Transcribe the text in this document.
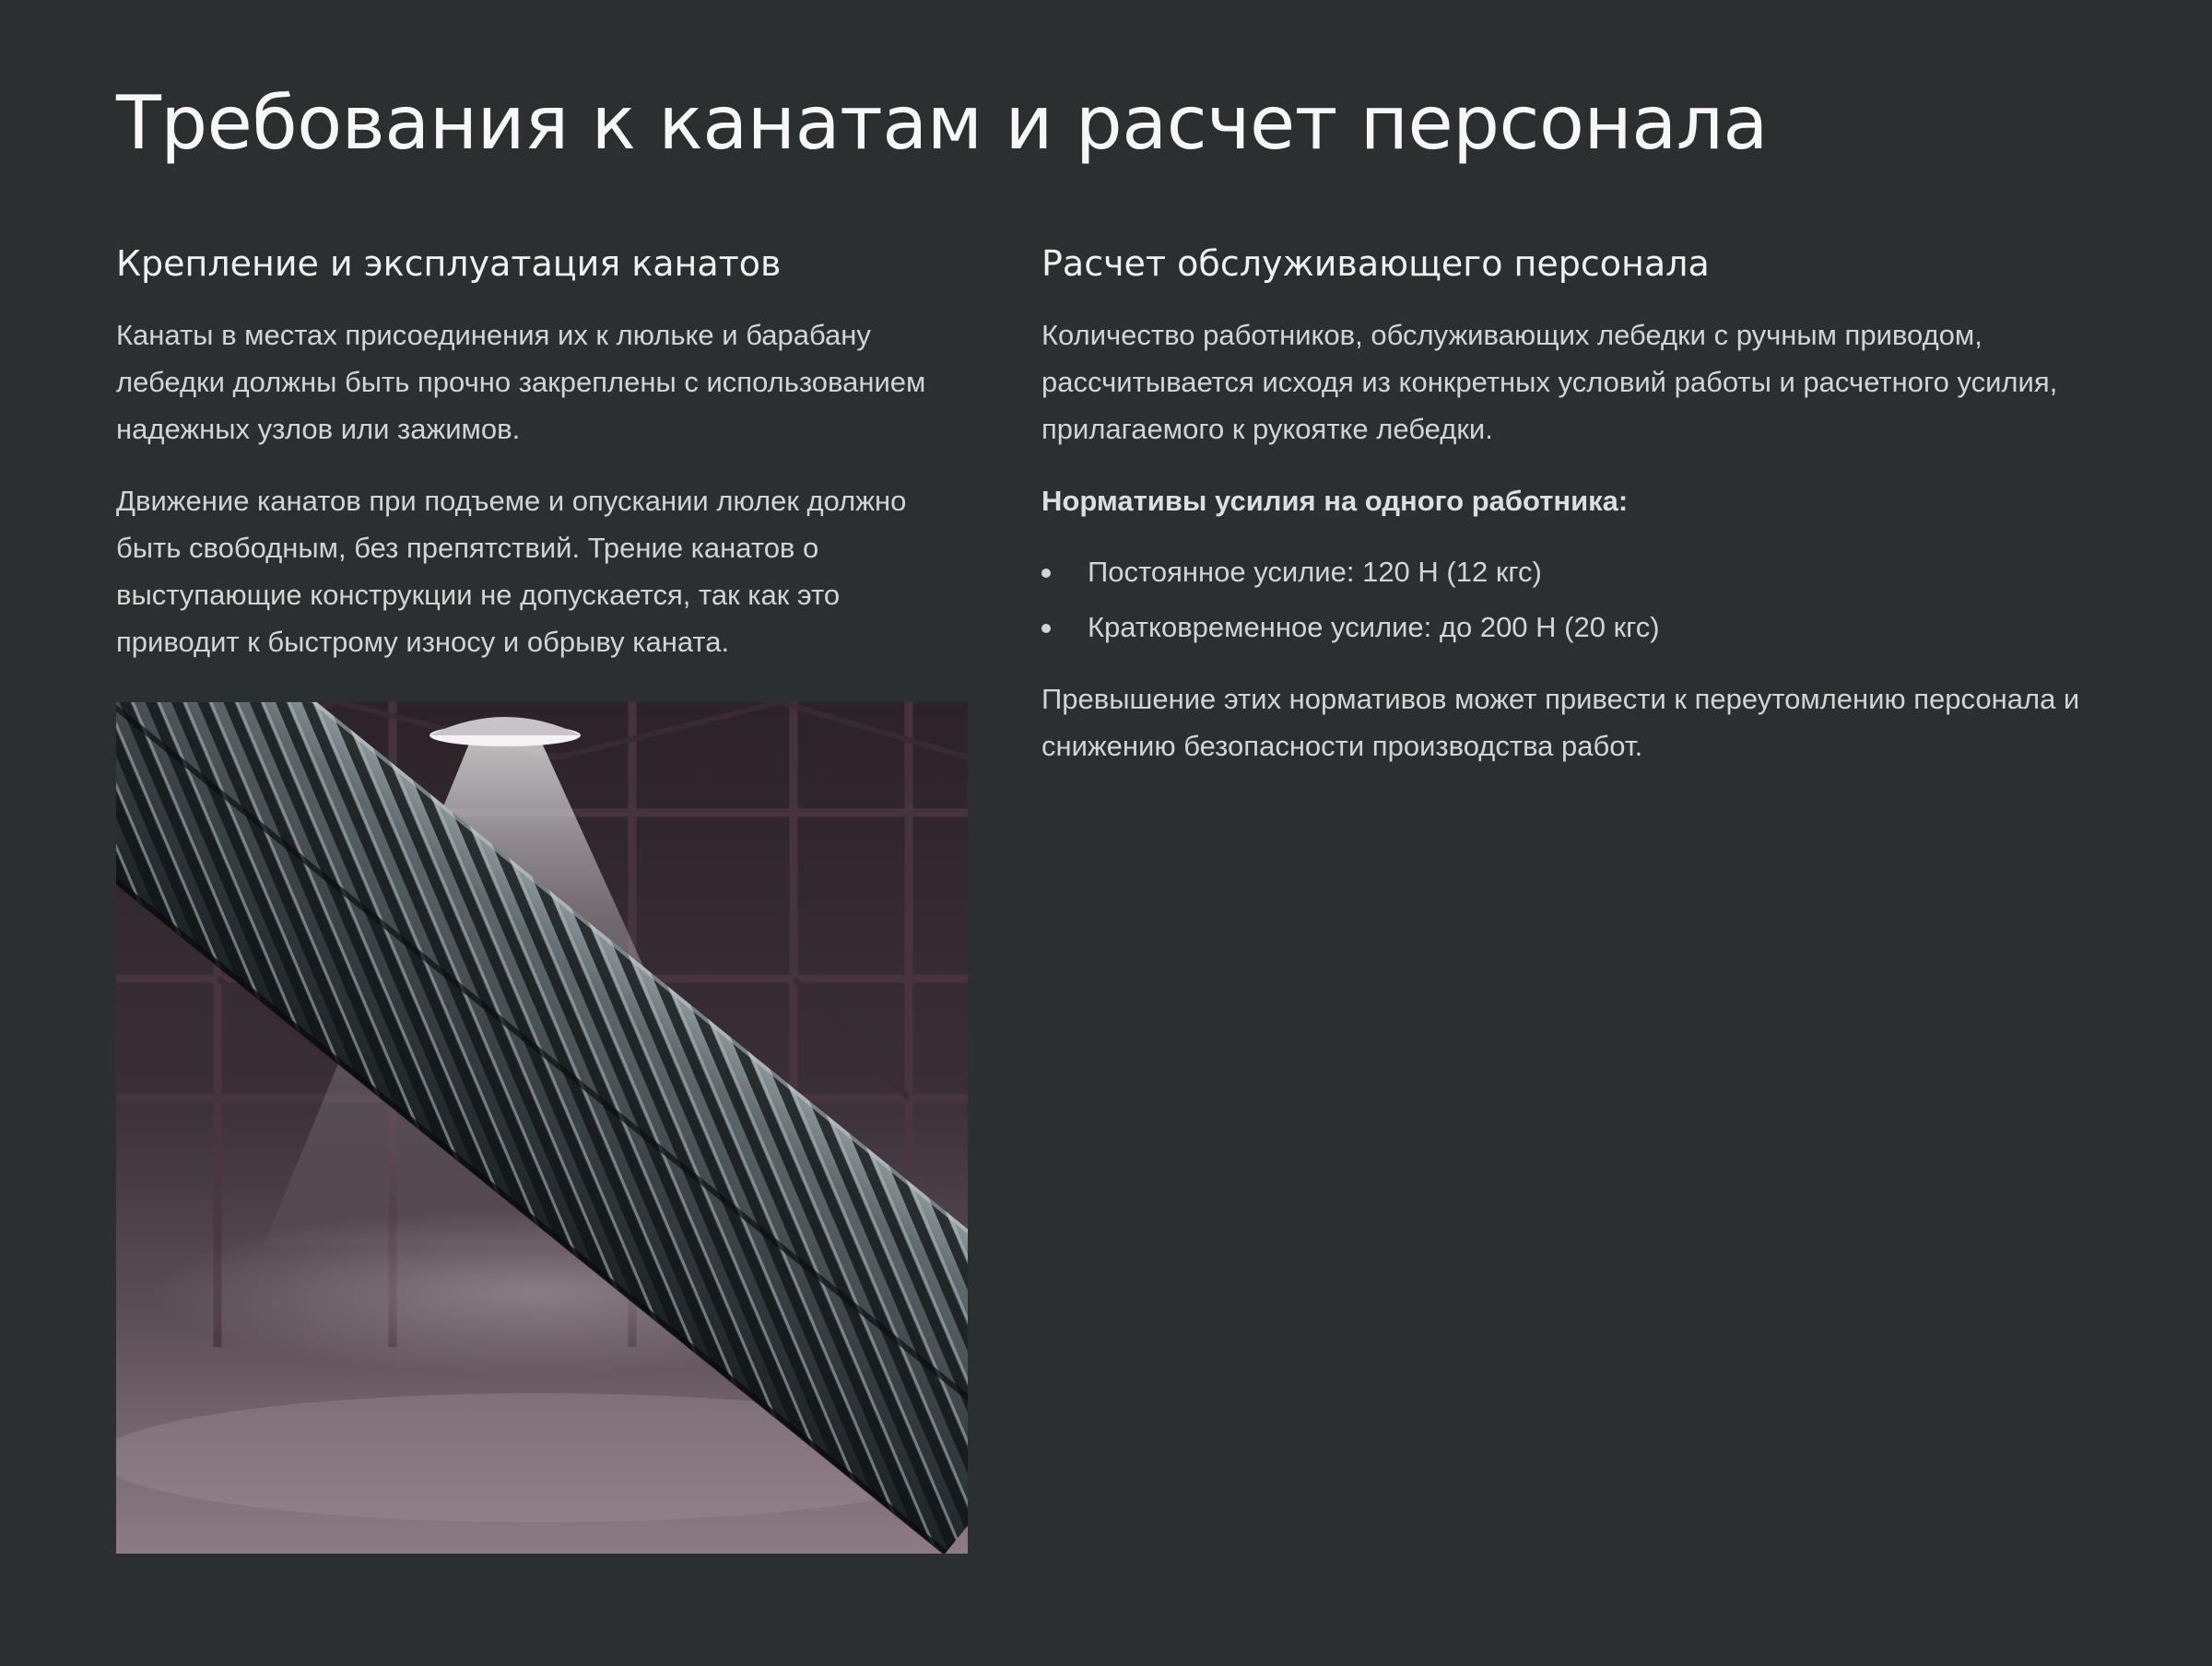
Требования к канатам и расчет персонала
Крепление и эксплуатация канатов

Канаты в местах присоединения их к люльке и барабану лебедки должны быть прочно закреплены с использованием надежных узлов или зажимов.

Движение канатов при подъеме и опускании люлек должно быть свободным, без препятствий. Трение канатов о выступающие конструкции не допускается, так как это приводит к быстрому износу и обрыву каната.

Расчет обслуживающего персонала

Количество работников, обслуживающих лебедки с ручным приводом, рассчитывается исходя из конкретных условий работы и расчетного усилия, прилагаемого к рукоятке лебедки.

Нормативы усилия на одного работника:

Постоянное усилие: 120 Н (12 кгс)
Кратковременное усилие: до 200 Н (20 кгс)

Превышение этих нормативов может привести к переутомлению персонала и снижению безопасности производства работ.
